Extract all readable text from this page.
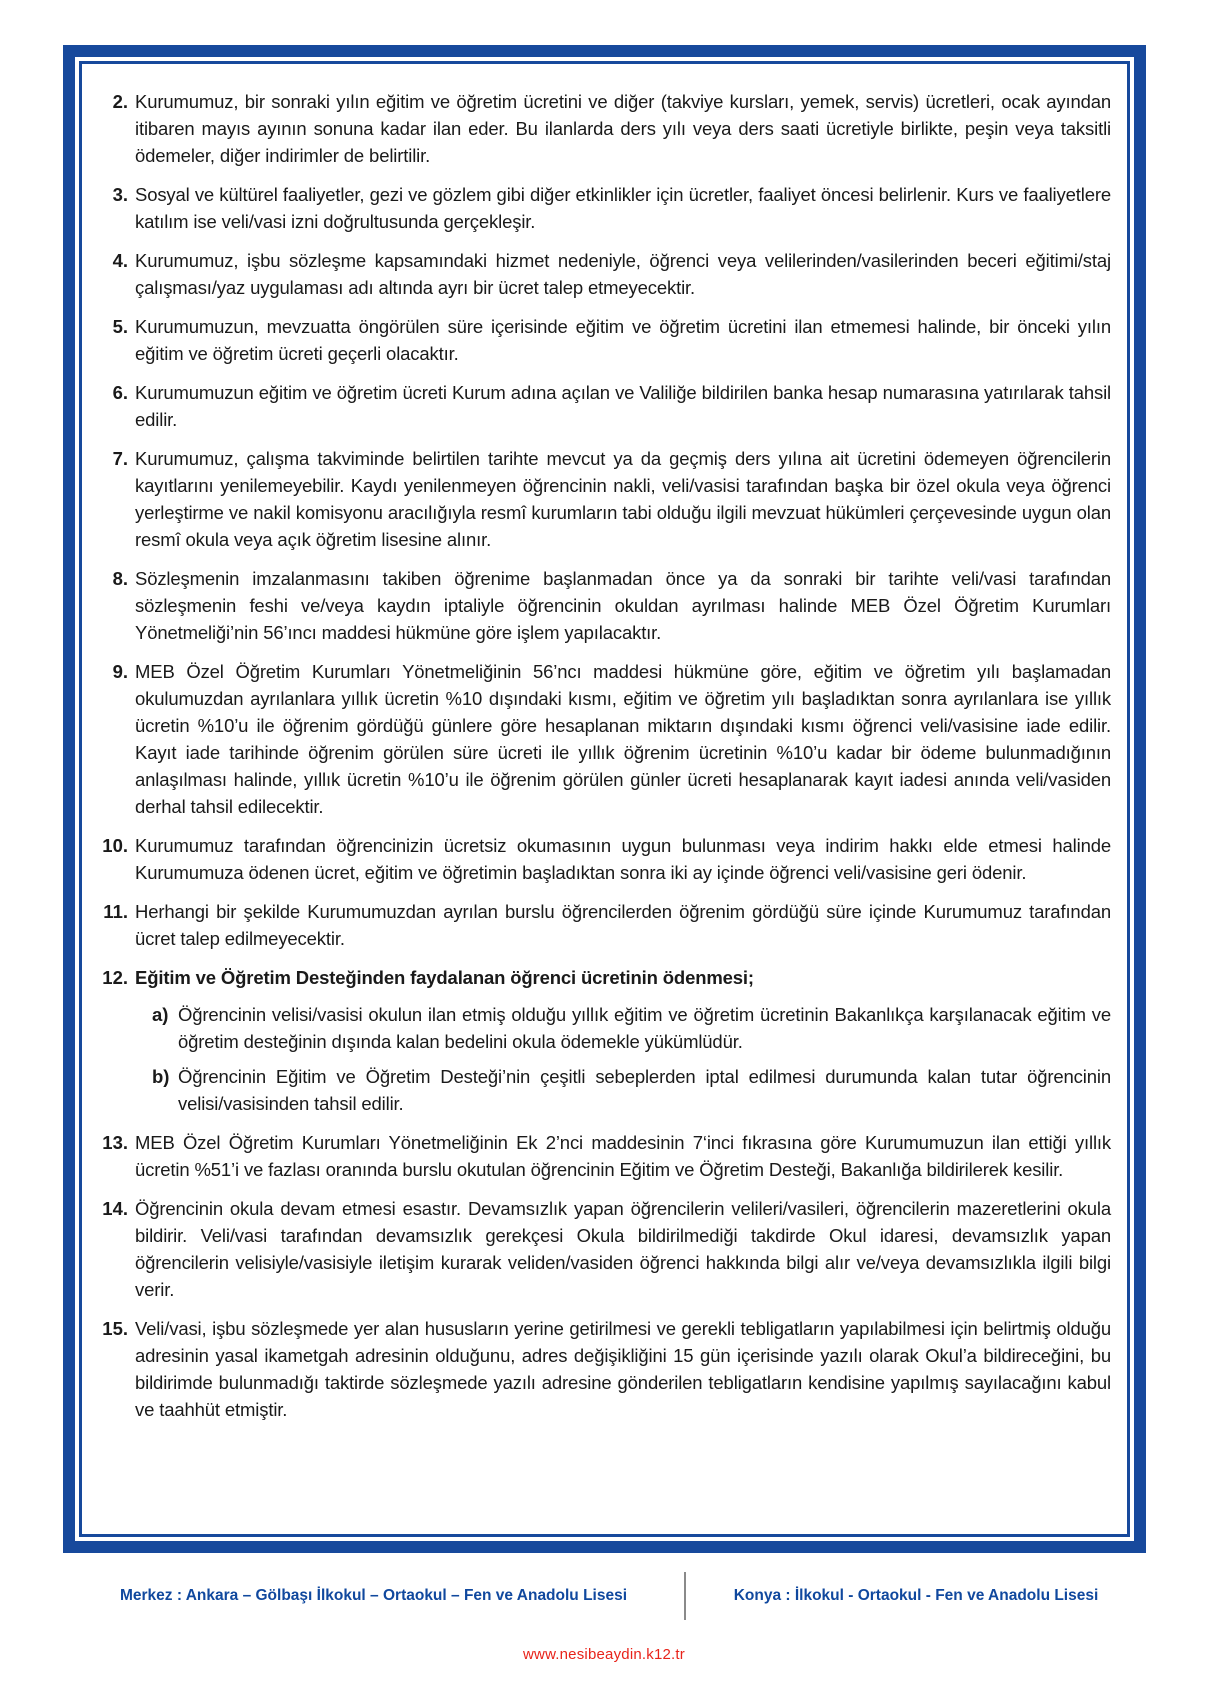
2. Kurumumuz, bir sonraki yılın eğitim ve öğretim ücretini ve diğer (takviye kursları, yemek, servis) ücretleri, ocak ayından itibaren mayıs ayının sonuna kadar ilan eder. Bu ilanlarda ders yılı veya ders saati ücretiyle birlikte, peşin veya taksitli ödemeler, diğer indirimler de belirtilir.
3. Sosyal ve kültürel faaliyetler, gezi ve gözlem gibi diğer etkinlikler için ücretler, faaliyet öncesi belirlenir. Kurs ve faaliyetlere katılım ise veli/vasi izni doğrultusunda gerçekleşir.
4. Kurumumuz, işbu sözleşme kapsamındaki hizmet nedeniyle, öğrenci veya velilerinden/vasilerinden beceri eğitimi/staj çalışması/yaz uygulaması adı altında ayrı bir ücret talep etmeyecektir.
5. Kurumumuzun, mevzuatta öngörülen süre içerisinde eğitim ve öğretim ücretini ilan etmemesi halinde, bir önceki yılın eğitim ve öğretim ücreti geçerli olacaktır.
6. Kurumumuzun eğitim ve öğretim ücreti Kurum adına açılan ve Valiliğe bildirilen banka hesap numarasına yatırılarak tahsil edilir.
7. Kurumumuz, çalışma takviminde belirtilen tarihte mevcut ya da geçmiş ders yılına ait ücretini ödemeyen öğrencilerin kayıtlarını yenilemeyebilir. Kaydı yenilenmeyen öğrencinin nakli, veli/vasisi tarafından başka bir özel okula veya öğrenci yerleştirme ve nakil komisyonu aracılığıyla resmî kurumların tabi olduğu ilgili mevzuat hükümleri çerçevesinde uygun olan resmî okula veya açık öğretim lisesine alınır.
8. Sözleşmenin imzalanmasını takiben öğrenime başlanmadan önce ya da sonraki bir tarihte veli/vasi tarafından sözleşmenin feshi ve/veya kaydın iptaliyle öğrencinin okuldan ayrılması halinde MEB Özel Öğretim Kurumları Yönetmeliği’nin 56’ıncı maddesi hükmüne göre işlem yapılacaktır.
9. MEB Özel Öğretim Kurumları Yönetmeliğinin 56’ncı maddesi hükmüne göre, eğitim ve öğretim yılı başlamadan okulumuzdan ayrılanlara yıllık ücretin %10 dışındaki kısmı, eğitim ve öğretim yılı başladıktan sonra ayrılanlara ise yıllık ücretin %10’u ile öğrenim gördüğü günlere göre hesaplanan miktarın dışındaki kısmı öğrenci veli/vasisine iade edilir. Kayıt iade tarihinde öğrenim görülen süre ücreti ile yıllık öğrenim ücretinin %10’u kadar bir ödeme bulunmadığının anlaşılması halinde, yıllık ücretin %10’u ile öğrenim görülen günler ücreti hesaplanarak kayıt iadesi anında veli/vasiden derhal tahsil edilecektir.
10. Kurumumuz tarafından öğrencinizin ücretsiz okumasının uygun bulunması veya indirim hakkı elde etmesi halinde Kurumumuza ödenen ücret, eğitim ve öğretimin başladıktan sonra iki ay içinde öğrenci veli/vasisine geri ödenir.
11. Herhangi bir şekilde Kurumumuzdan ayrılan burslu öğrencilerden öğrenim gördüğü süre içinde Kurumumuz tarafından ücret talep edilmeyecektir.
12. Eğitim ve Öğretim Desteğinden faydalanan öğrenci ücretinin ödenmesi;
a) Öğrencinin velisi/vasisi okulun ilan etmiş olduğu yıllık eğitim ve öğretim ücretinin Bakanlıkça karşılanacak eğitim ve öğretim desteğinin dışında kalan bedelini okula ödemekle yükümlüdür.
b) Öğrencinin Eğitim ve Öğretim Desteği’nin çeşitli sebeplerden iptal edilmesi durumunda kalan tutar öğrencinin velisi/vasisinden tahsil edilir.
13. MEB Özel Öğretim Kurumları Yönetmeliğinin Ek 2’nci maddesinin 7‘inci fıkrasına göre Kurumumuzun ilan ettiği yıllık ücretin %51’i ve fazlası oranında burslu okutulan öğrencinin Eğitim ve Öğretim Desteği, Bakanlığa bildirilerek kesilir.
14. Öğrencinin okula devam etmesi esastır. Devamsızlık yapan öğrencilerin velileri/vasileri, öğrencilerin mazeretlerini okula bildirir. Veli/vasi tarafından devamsızlık gerekçesi Okula bildirilmediği takdirde Okul idaresi, devamsızlık yapan öğrencilerin velisiyle/vasisiyle iletişim kurarak veliden/vasiden öğrenci hakkında bilgi alır ve/veya devamsızlıkla ilgili bilgi verir.
15. Veli/vasi, işbu sözleşmede yer alan hususların yerine getirilmesi ve gerekli tebligatların yapılabilmesi için belirtmiş olduğu adresinin yasal ikametgah adresinin olduğunu, adres değişikliğini 15 gün içerisinde yazılı olarak Okul’a bildireceğini, bu bildirimde bulunmadığı taktirde sözleşmede yazılı adresine gönderilen tebligatların kendisine yapılmış sayılacağını kabul ve taahhüt etmiştir.
Merkez : Ankara – Gölbaşı İlkokul – Ortaokul – Fen ve Anadolu Lisesi	Konya : İlkokul - Ortaokul - Fen ve Anadolu Lisesi
www.nesibeaydin.k12.tr
